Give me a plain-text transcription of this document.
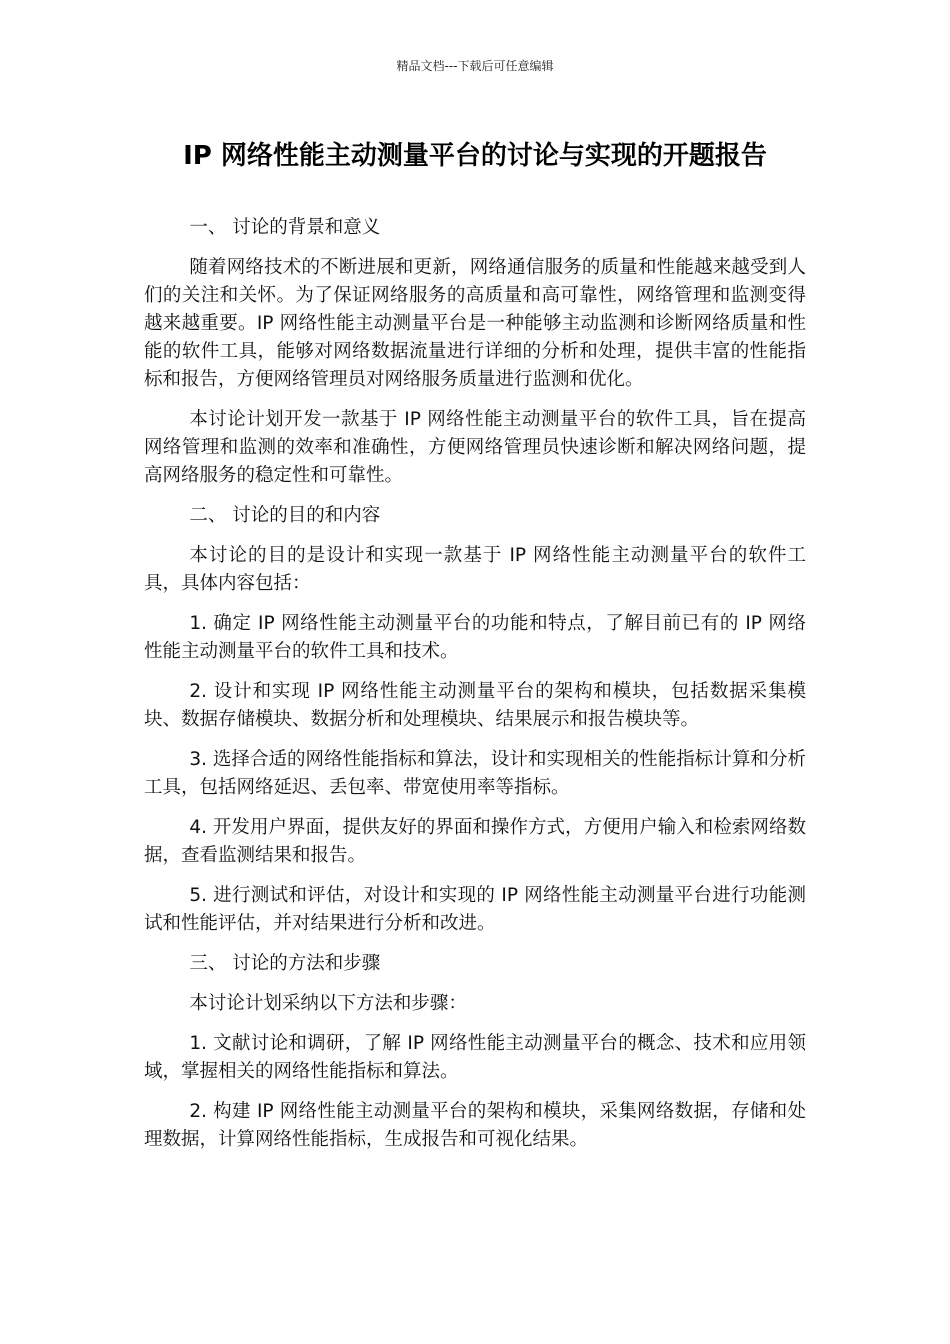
精品文档---下载后可任意编辑
IP 网络性能主动测量平台的讨论与实现的开题报告
一、 讨论的背景和意义

随着网络技术的不断进展和更新，网络通信服务的质量和性能越来越受到人们的关注和关怀。为了保证网络服务的高质量和高可靠性，网络管理和监测变得越来越重要。IP 网络性能主动测量平台是一种能够主动监测和诊断网络质量和性能的软件工具，能够对网络数据流量进行详细的分析和处理，提供丰富的性能指标和报告，方便网络管理员对网络服务质量进行监测和优化。

本讨论计划开发一款基于 IP 网络性能主动测量平台的软件工具，旨在提高网络管理和监测的效率和准确性，方便网络管理员快速诊断和解决网络问题，提高网络服务的稳定性和可靠性。

二、 讨论的目的和内容

本讨论的目的是设计和实现一款基于 IP 网络性能主动测量平台的软件工具，具体内容包括：

1. 确定 IP 网络性能主动测量平台的功能和特点，了解目前已有的 IP 网络性能主动测量平台的软件工具和技术。

2. 设计和实现 IP 网络性能主动测量平台的架构和模块，包括数据采集模块、数据存储模块、数据分析和处理模块、结果展示和报告模块等。

3. 选择合适的网络性能指标和算法，设计和实现相关的性能指标计算和分析工具，包括网络延迟、丢包率、带宽使用率等指标。

4. 开发用户界面，提供友好的界面和操作方式，方便用户输入和检索网络数据，查看监测结果和报告。

5. 进行测试和评估，对设计和实现的 IP 网络性能主动测量平台进行功能测试和性能评估，并对结果进行分析和改进。

三、 讨论的方法和步骤

本讨论计划采纳以下方法和步骤：

1. 文献讨论和调研，了解 IP 网络性能主动测量平台的概念、技术和应用领域，掌握相关的网络性能指标和算法。

2. 构建 IP 网络性能主动测量平台的架构和模块，采集网络数据，存储和处理数据，计算网络性能指标，生成报告和可视化结果。
